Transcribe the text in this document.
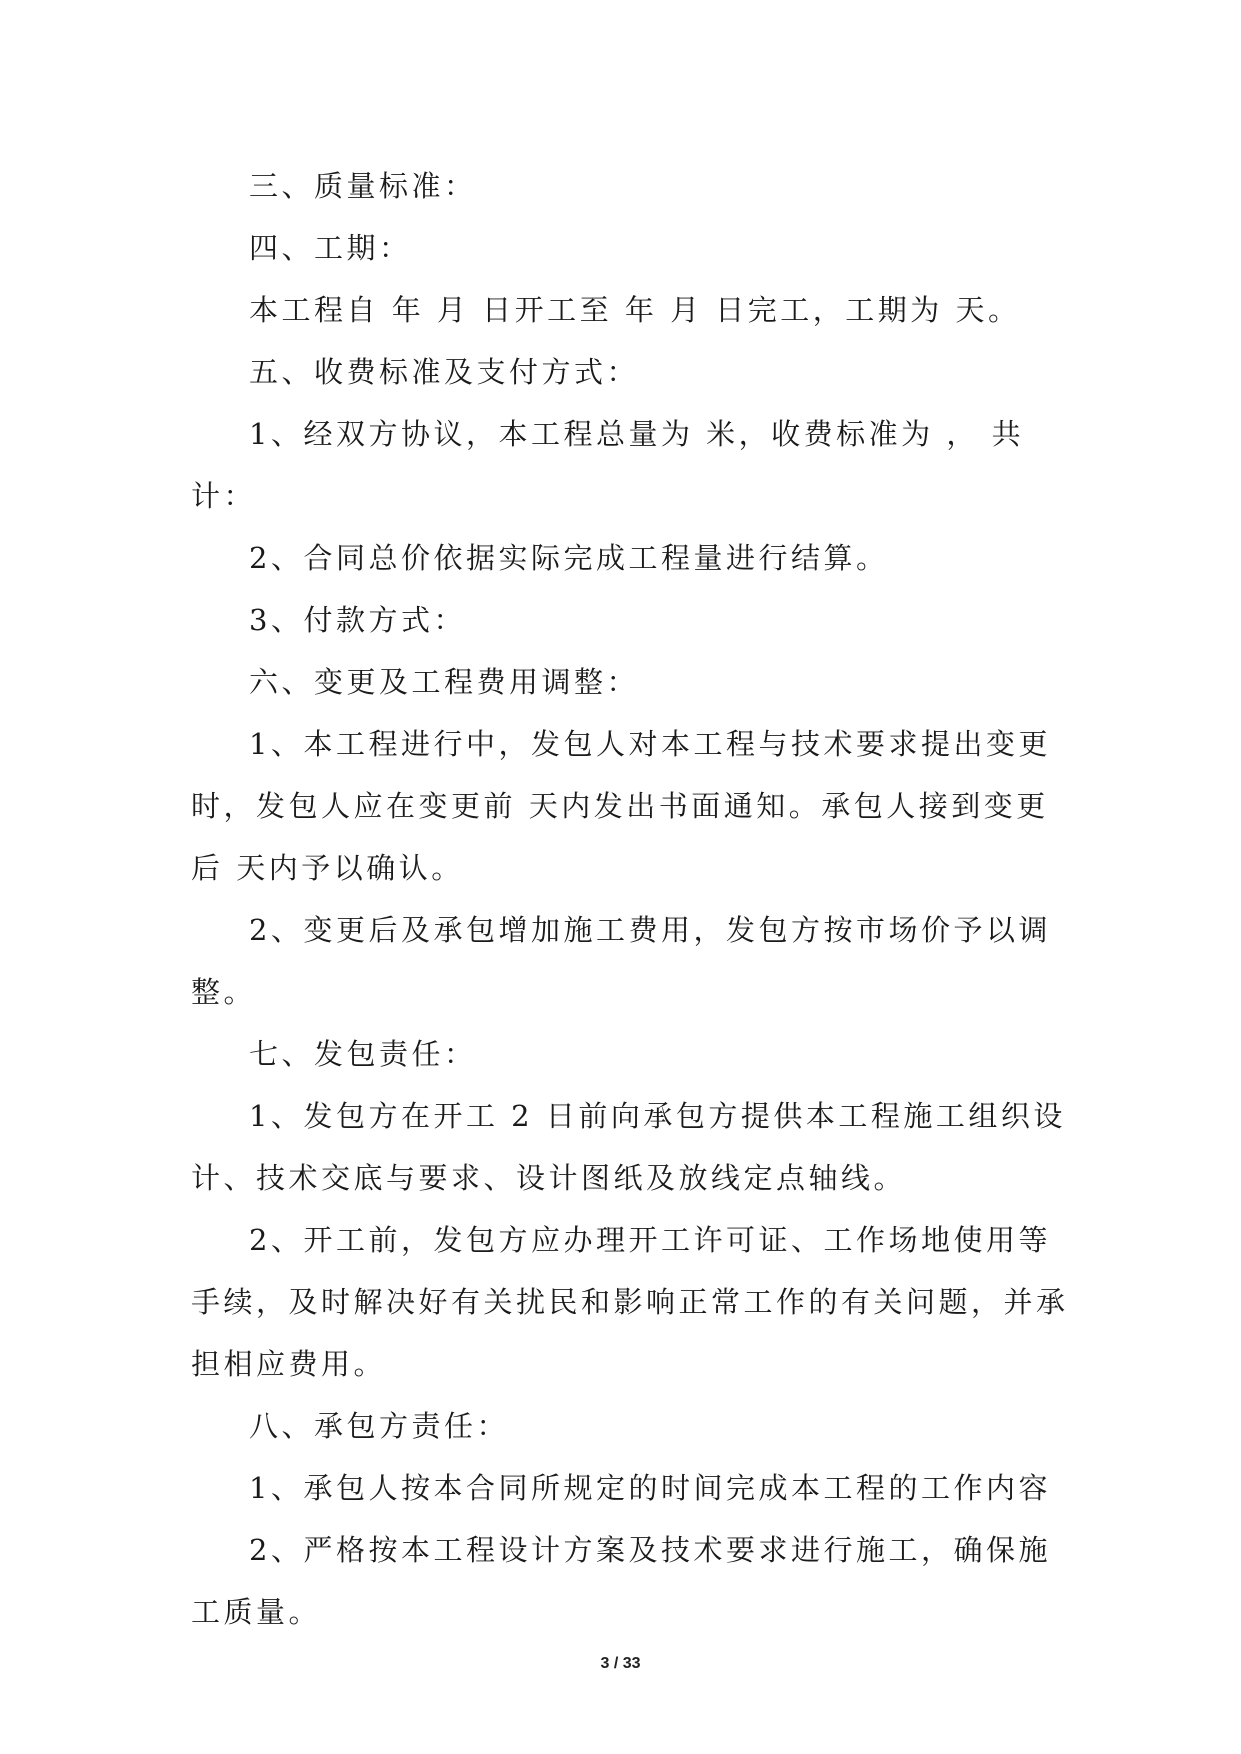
三、质量标准：

四、工期：

本工程自 年 月 日开工至 年 月 日完工，工期为 天。

五、收费标准及支付方式：

1、经双方协议，本工程总量为 米，收费标准为 ， 共计：

2、合同总价依据实际完成工程量进行结算。

3、付款方式：

六、变更及工程费用调整：

1、本工程进行中，发包人对本工程与技术要求提出变更时，发包人应在变更前 天内发出书面通知。承包人接到变更后 天内予以确认。

2、变更后及承包增加施工费用，发包方按市场价予以调整。

七、发包责任：

1、发包方在开工 2 日前向承包方提供本工程施工组织设计、技术交底与要求、设计图纸及放线定点轴线。

2、开工前，发包方应办理开工许可证、工作场地使用等手续，及时解决好有关扰民和影响正常工作的有关问题，并承担相应费用。

八、承包方责任：

1、承包人按本合同所规定的时间完成本工程的工作内容

2、严格按本工程设计方案及技术要求进行施工，确保施工质量。

3 / 33
